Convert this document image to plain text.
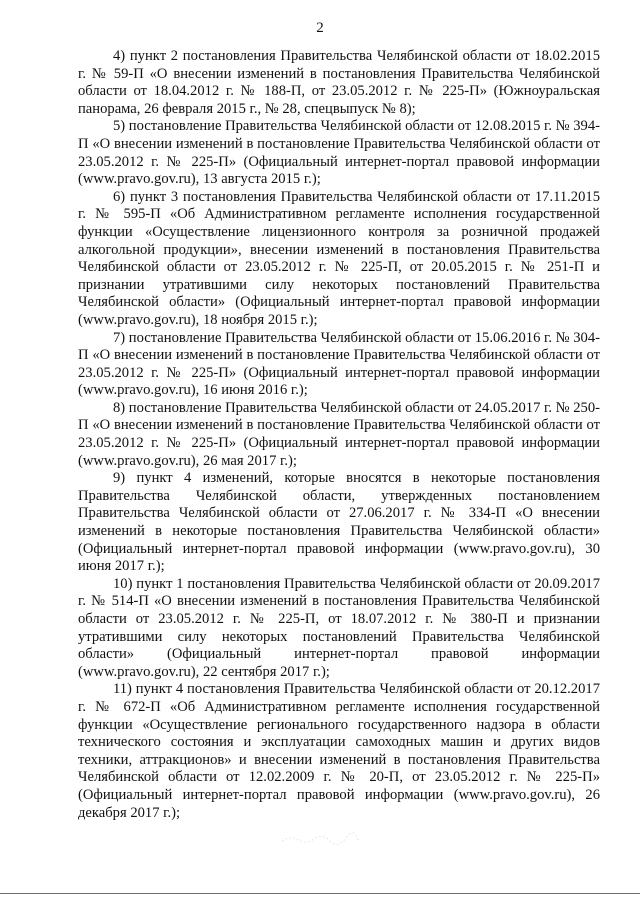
2

4) пункт 2 постановления Правительства Челябинской области от 18.02.2015 г. № 59-П «О внесении изменений в постановления Правительства Челябинской области от 18.04.2012 г. № 188-П, от 23.05.2012 г. № 225-П» (Южноуральская панорама, 26 февраля 2015 г., № 28, спецвыпуск № 8);

5) постановление Правительства Челябинской области от 12.08.2015 г. № 394-П «О внесении изменений в постановление Правительства Челябинской области от 23.05.2012 г. № 225-П» (Официальный интернет-портал правовой информации (www.pravo.gov.ru), 13 августа 2015 г.);

6) пункт 3 постановления Правительства Челябинской области от 17.11.2015 г. № 595-П «Об Административном регламенте исполнения государственной функции «Осуществление лицензионного контроля за розничной продажей алкогольной продукции», внесении изменений в постановления Правительства Челябинской области от 23.05.2012 г. № 225-П, от 20.05.2015 г. № 251-П и признании утратившими силу некоторых постановлений Правительства Челябинской области» (Официальный интернет-портал правовой информации (www.pravo.gov.ru), 18 ноября 2015 г.);

7) постановление Правительства Челябинской области от 15.06.2016 г. № 304-П «О внесении изменений в постановление Правительства Челябинской области от 23.05.2012 г. № 225-П» (Официальный интернет-портал правовой информации (www.pravo.gov.ru), 16 июня 2016 г.);

8) постановление Правительства Челябинской области от 24.05.2017 г. № 250-П «О внесении изменений в постановление Правительства Челябинской области от 23.05.2012 г. № 225-П» (Официальный интернет-портал правовой информации (www.pravo.gov.ru), 26 мая 2017 г.);

9) пункт 4 изменений, которые вносятся в некоторые постановления Правительства Челябинской области, утвержденных постановлением Правительства Челябинской области от 27.06.2017 г. № 334-П «О внесении изменений в некоторые постановления Правительства Челябинской области» (Официальный интернет-портал правовой информации (www.pravo.gov.ru), 30 июня 2017 г.);

10) пункт 1 постановления Правительства Челябинской области от 20.09.2017 г. № 514-П «О внесении изменений в постановления Правительства Челябинской области от 23.05.2012 г. № 225-П, от 18.07.2012 г. № 380-П и признании утратившими силу некоторых постановлений Правительства Челябинской области» (Официальный интернет-портал правовой информации (www.pravo.gov.ru), 22 сентября 2017 г.);

11) пункт 4 постановления Правительства Челябинской области от 20.12.2017 г. № 672-П «Об Административном регламенте исполнения государственной функции «Осуществление регионального государственного надзора в области технического состояния и эксплуатации самоходных машин и других видов техники, аттракционов» и внесении изменений в постановления Правительства Челябинской области от 12.02.2009 г. № 20-П, от 23.05.2012 г. № 225-П» (Официальный интернет-портал правовой информации (www.pravo.gov.ru), 26 декабря 2017 г.);
